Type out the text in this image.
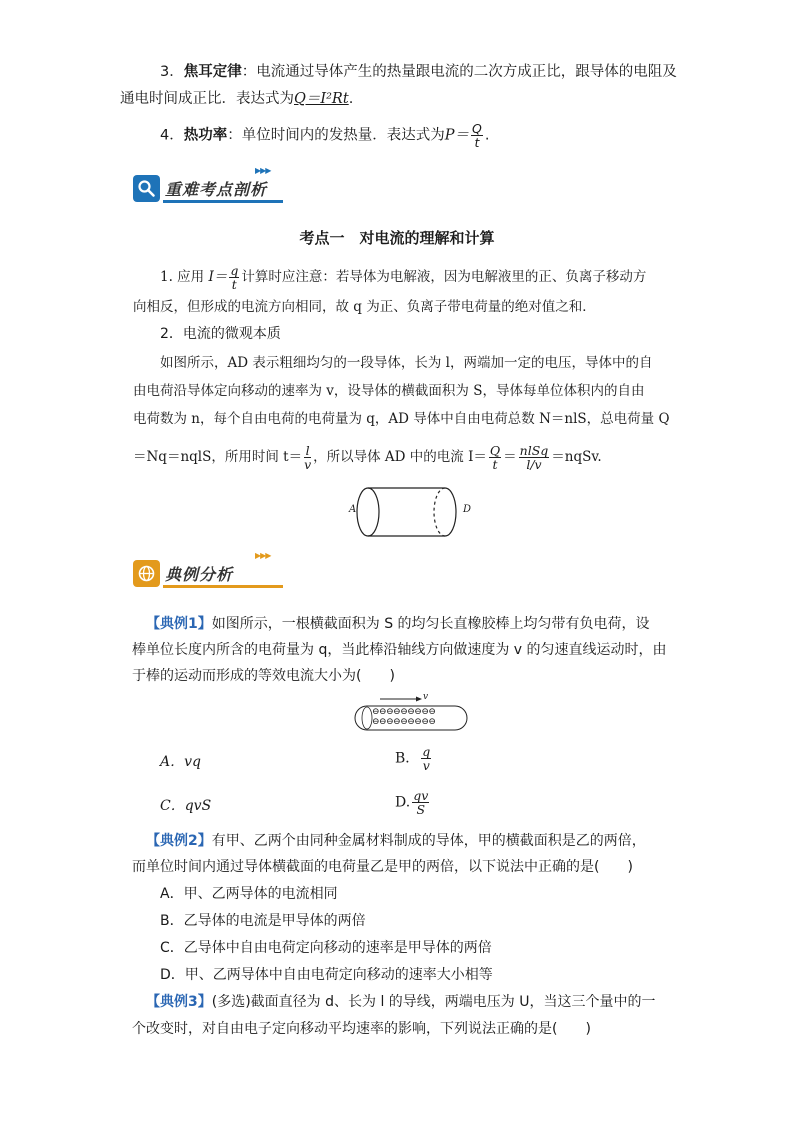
3．焦耳定律：电流通过导体产生的热量跟电流的二次方成正比，跟导体的电阻及
通电时间成正比．表达式为Q＝I²Rt.
4．热功率：单位时间内的发热量．表达式为$P= \frac{Q}{t}$ .
重难考点剖析
▶▶▶
考点一　对电流的理解和计算
1. 应用 $I= \frac{q}{t}$ 计算时应注意：若导体为电解液，因为电解液里的正、负离子移动方
向相反，但形成的电流方向相同，故 q 为正、负离子带电荷量的绝对值之和．
2．电流的微观本质
如图所示，AD 表示粗细均匀的一段导体，长为 l，两端加一定的电压，导体中的自
由电荷沿导体定向移动的速率为 v，设导体的横截面积为 S，导体每单位体积内的自由
电荷数为 n，每个自由电荷的电荷量为 q，AD 导体中自由电荷总数 N＝nlS，总电荷量 Q
＝Nq＝nqlS，所用时间 $t= \frac{l}{v}$ ，所以导体 AD 中的电流 $I= \frac{Q}{t} = \frac{\text{nlSq}}{l/v}$ ＝nqSv.
A	D
典例分析
▶▶▶
【典例1】如图所示，一根横截面积为 S 的均匀长直橡胶棒上均匀带有负电荷，设
棒单位长度内所含的电荷量为 q，当此棒沿轴线方向做速度为 v 的匀速直线运动时，由
于棒的运动而形成的等效电流大小为(　　)
v
⊖⊖⊖⊖⊖⊖⊖⊖⊖
⊖⊖⊖⊖⊖⊖⊖⊖⊖
A．vq	B． $\frac{q}{v}$
C．qvS	D. $\frac{qv}{S}$
【典例2】有甲、乙两个由同种金属材料制成的导体，甲的横截面积是乙的两倍，
而单位时间内通过导体横截面的电荷量乙是甲的两倍，以下说法中正确的是(　　)
A．甲、乙两导体的电流相同
B．乙导体的电流是甲导体的两倍
C．乙导体中自由电荷定向移动的速率是甲导体的两倍
D．甲、乙两导体中自由电荷定向移动的速率大小相等
【典例3】(多选)截面直径为 d、长为 l 的导线，两端电压为 U，当这三个量中的一
个改变时，对自由电子定向移动平均速率的影响，下列说法正确的是(　　)
